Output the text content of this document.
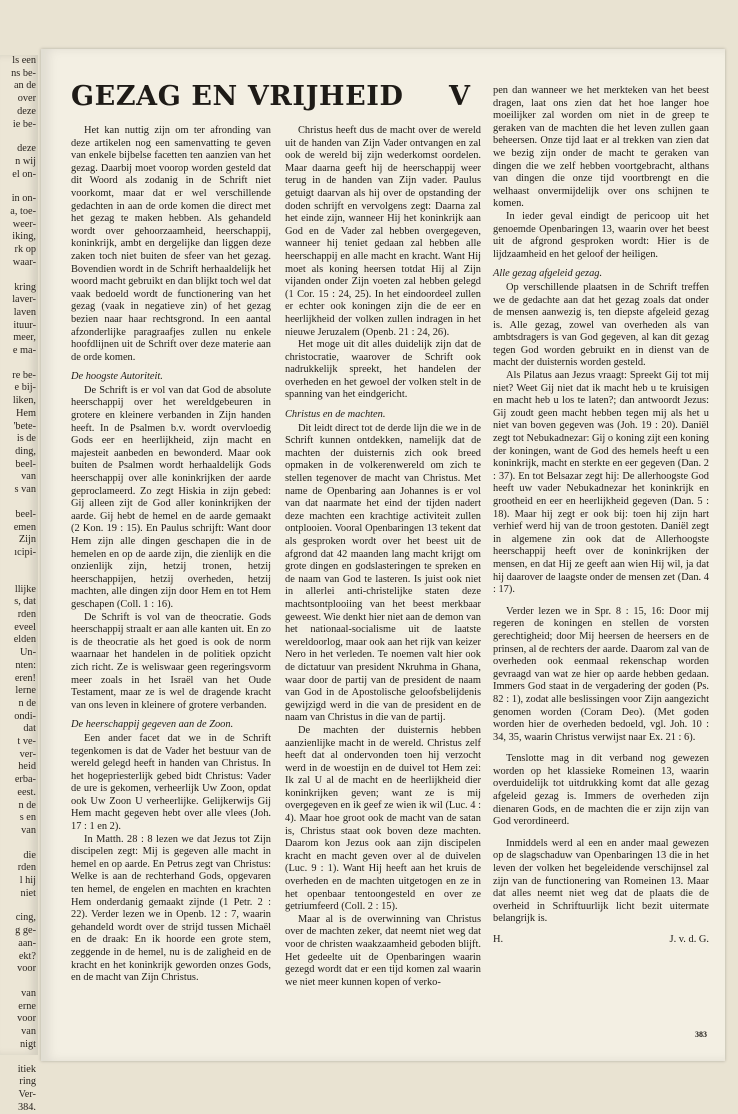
ls een
ns be-
an de
over
deze
ie be-
deze
n wij
el on-
in on-
a, toe-
weer-
iking,
rk op
waar-
kring
laver-
laven
ituur-
meer,
e ma-
re be-
e bij-
liken,
Hem
'bete-
is de
ding,
beel-
van
s van
beel-
emen
Zijn
ıcipi-
llijke
s, dat
rden
eveel
elden
Un-
nten:
eren!
lerne
n de
ondi-
dat
t ve-
ver-
heid
erba-
eest.
n de
s en
van
die
rden
l hij
niet
cing,
g ge-
aan-
ekt?
voor
van
erne
voor
van
nigt
itiek
ring
Ver-
384.
GEZAG EN VRIJHEID V

Het kan nuttig zijn om ter afronding van deze artikelen nog een samenvatting te geven van enkele bijbelse facetten ten aanzien van het gezag. Daarbij moet voorop worden gesteld dat dit Woord als zodanig in de Schrift niet voorkomt, maar dat er wel verschillende gedachten in aan de orde komen die direct met het gezag te maken hebben. Als gehandeld wordt over gehoorzaamheid, heerschappij, koninkrijk, ambt en dergelijke dan liggen deze zaken toch niet buiten de sfeer van het gezag. Bovendien wordt in de Schrift herhaaldelijk het woord macht gebruikt en dan blijkt toch wel dat vaak bedoeld wordt de functionering van het gezag (vaak in negatieve zin) of het gezag bezien naar haar rechtsgrond. In een aantal afzonderlijke paragraafjes zullen nu enkele hoofdlijnen uit de Schrift over deze materie aan de orde komen.

De hoogste Autoriteit.

De Schrift is er vol van dat God de absolute heerschappij over het wereldgebeuren in grotere en kleinere verbanden in Zijn handen heeft. In de Psalmen b.v. wordt overvloedig Gods eer en heerlijkheid, zijn macht en majesteit aanbeden en bewonderd. Maar ook buiten de Psalmen wordt herhaaldelijk Gods heerschappij over alle koninkrijken der aarde geproclameerd. Zo zegt Hiskia in zijn gebed: Gij alleen zijt de God aller koninkrijken der aarde. Gij hebt de hemel en de aarde gemaakt (2 Kon. 19 : 15). En Paulus schrijft: Want door Hem zijn alle dingen geschapen die in de hemelen en op de aarde zijn, die zienlijk en die onzienlijk zijn, hetzij tronen, hetzij heerschappijen, hetzij overheden, hetzij machten, alle dingen zijn door Hem en tot Hem geschapen (Coll. 1 : 16).

De Schrift is vol van de theocratie. Gods heerschappij straalt er aan alle kanten uit. En zo is de theocratie als het goed is ook de norm waarnaar het handelen in de politiek opzicht zich richt. Ze is weliswaar geen regeringsvorm meer zoals in het Israël van het Oude Testament, maar ze is wel de dragende kracht van ons leven in kleinere of grotere verbanden.

De heerschappij gegeven aan de Zoon.

Een ander facet dat we in de Schrift tegenkomen is dat de Vader het bestuur van de wereld gelegd heeft in handen van Christus. In het hogepriesterlijk gebed bidt Christus: Vader de ure is gekomen, verheerlijk Uw Zoon, opdat ook Uw Zoon U verheerlijke. Gelijkerwijs Gij Hem macht gegeven hebt over alle vlees (Joh. 17 : 1 en 2).

In Matth. 28 : 8 lezen we dat Jezus tot Zijn discipelen zegt: Mij is gegeven alle macht in hemel en op aarde. En Petrus zegt van Christus: Welke is aan de rechterhand Gods, opgevaren ten hemel, de engelen en machten en krachten Hem onderdanig gemaakt zijnde (1 Petr. 2 : 22). Verder lezen we in Openb. 12 : 7, waarin gehandeld wordt over de strijd tussen Michaël en de draak: En ik hoorde een grote stem, zeggende in de hemel, nu is de zaligheid en de kracht en het koninkrijk geworden onzes Gods, en de macht van Zijn Christus.

Christus heeft dus de macht over de wereld uit de handen van Zijn Vader ontvangen en zal ook de wereld bij zijn wederkomst oordelen. Maar daarna geeft hij de heerschappij weer terug in de handen van Zijn vader. Paulus getuigt daarvan als hij over de opstanding der doden schrijft en vervolgens zegt: Daarna zal het einde zijn, wanneer Hij het koninkrijk aan God en de Vader zal hebben overgegeven, wanneer hij teniet gedaan zal hebben alle heerschappij en alle macht en kracht. Want Hij moet als koning heersen totdat Hij al Zijn vijanden onder Zijn voeten zal hebben gelegd (1 Cor. 15 : 24, 25). In het eindoordeel zullen er echter ook koningen zijn die de eer en heerlijkheid der volken zullen indragen in het nieuwe Jeruzalem (Openb. 21 : 24, 26).

Het moge uit dit alles duidelijk zijn dat de christocratie, waarover de Schrift ook nadrukkelijk spreekt, het handelen der overheden en het gewoel der volken stelt in de spanning van het eindgericht.

Christus en de machten.

Dit leidt direct tot de derde lijn die we in de Schrift kunnen ontdekken, namelijk dat de machten der duisternis zich ook breed opmaken in de volkerenwereld om zich te stellen tegenover de macht van Christus. Met name de Openbaring aan Johannes is er vol van dat naarmate het eind der tijden nadert deze machten een krachtige activiteit zullen ontplooien. Vooral Openbaringen 13 tekent dat als gesproken wordt over het beest uit de afgrond dat 42 maanden lang macht krijgt om grote dingen en godslasteringen te spreken en de naam van God te lasteren. Is juist ook niet in allerlei anti-christelijke staten deze machtsontplooiing van het beest merkbaar geweest. Wie denkt hier niet aan de demon van het nationaal-socialisme uit de laatste wereldoorlog, maar ook aan het rijk van keizer Nero in het verleden. Te noemen valt hier ook de dictatuur van president Nkruhma in Ghana, waar door de partij van de president de naam van God in de Apostolische geloofsbelijdenis gewijzigd werd in die van de president en de naam van Christus in die van de partij.

De machten der duisternis hebben aanzienlijke macht in de wereld. Christus zelf heeft dat al ondervonden toen hij verzocht werd in de woestijn en de duivel tot Hem zei: Ik zal U al de macht en de heerlijkheid dier koninkrijken geven; want ze is mij overgegeven en ik geef ze wien ik wil (Luc. 4 : 4). Maar hoe groot ook de macht van de satan is, Christus staat ook boven deze machten. Daarom kon Jezus ook aan zijn discipelen kracht en macht geven over al de duivelen (Luc. 9 : 1). Want Hij heeft aan het kruis de overheden en de machten uitgetogen en ze in het openbaar tentoongesteld en over ze getriumfeerd (Coll. 2 : 15).

Maar al is de overwinning van Christus over de machten zeker, dat neemt niet weg dat voor de christen waakzaamheid geboden blijft. Het gedeelte uit de Openbaringen waarin gezegd wordt dat er een tijd komen zal waarin we niet meer kunnen kopen of verko-

pen dan wanneer we het merkteken van het beest dragen, laat ons zien dat het hoe langer hoe moeilijker zal worden om niet in de greep te geraken van de machten die het leven zullen gaan beheersen. Onze tijd laat er al trekken van zien dat we bezig zijn onder de macht te geraken van dingen die we zelf hebben voortgebracht, althans van dingen die onze tijd voortbrengt en die welhaast onvermijdelijk over ons schijnen te komen.

In ieder geval eindigt de pericoop uit het genoemde Openbaringen 13, waarin over het beest uit de afgrond gesproken wordt: Hier is de lijdzaamheid en het geloof der heiligen.

Alle gezag afgeleid gezag.

Op verschillende plaatsen in de Schrift treffen we de gedachte aan dat het gezag zoals dat onder de mensen aanwezig is, ten diepste afgeleid gezag is. Alle gezag, zowel van overheden als van ambtsdragers is van God gegeven, al kan dit gezag tegen God worden gebruikt en in dienst van de macht der duisternis worden gesteld.

Als Pilatus aan Jezus vraagt: Spreekt Gij tot mij niet? Weet Gij niet dat ik macht heb u te kruisigen en macht heb u los te laten?; dan antwoordt Jezus: Gij zoudt geen macht hebben tegen mij als het u niet van boven gegeven was (Joh. 19 : 20). Daniël zegt tot Nebukadnezar: Gij o koning zijt een koning der koningen, want de God des hemels heeft u een koninkrijk, macht en sterkte en eer gegeven (Dan. 2 : 37). En tot Belsazar zegt hij: De allerhoogste God heeft uw vader Nebukadnezar het koninkrijk en grootheid en eer en heerlijkheid gegeven (Dan. 5 : 18). Maar hij zegt er ook bij: toen hij zijn hart verhief werd hij van de troon gestoten. Daniël zegt in algemene zin ook dat de Allerhoogste heerschappij heeft over de koninkrijken der mensen, en dat Hij ze geeft aan wien Hij wil, ja dat hij daarover de laagste onder de mensen zet (Dan. 4 : 17).

Verder lezen we in Spr. 8 : 15, 16: Door mij regeren de koningen en stellen de vorsten gerechtigheid; door Mij heersen de heersers en de prinsen, al de rechters der aarde. Daarom zal van de overheden ook eenmaal rekenschap worden gevraagd van wat ze hier op aarde hebben gedaan. Immers God staat in de vergadering der goden (Ps. 82 : 1), zodat alle beslissingen voor Zijn aangezicht genomen worden (Coram Deo). (Met goden worden hier de overheden bedoeld, vgl. Joh. 10 : 34, 35, waarin Christus verwijst naar Ex. 21 : 6).

Tenslotte mag in dit verband nog gewezen worden op het klassieke Romeinen 13, waarin overduidelijk tot uitdrukking komt dat alle gezag afgeleid gezag is. Immers de overheden zijn dienaren Gods, en de machten die er zijn zijn van God verordineerd.

Inmiddels werd al een en ander maal gewezen op de slagschaduw van Openbaringen 13 die in het leven der volken het begeleidende verschijnsel zal zijn van de functionering van Romeinen 13. Maar dat alles neemt niet weg dat de plaats die de overheid in Schriftuurlijk licht bezit uitermate belangrijk is.

H.	J. v. d. G.
383
